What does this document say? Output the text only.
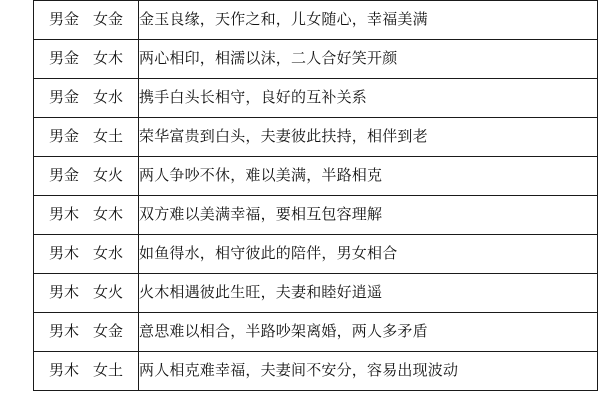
男金 女金	金玉良缘，天作之和，儿女随心，幸福美满
男金 女木	两心相印，相濡以沫，二人合好笑开颜
男金 女水	携手白头长相守，良好的互补关系
男金 女土	荣华富贵到白头，夫妻彼此扶持，相伴到老
男金 女火	两人争吵不休，难以美满，半路相克
男木 女木	双方难以美满幸福，要相互包容理解
男木 女水	如鱼得水，相守彼此的陪伴，男女相合
男木 女火	火木相遇彼此生旺，夫妻和睦好逍遥
男木 女金	意思难以相合，半路吵架离婚，两人多矛盾
男木 女土	两人相克难幸福，夫妻间不安分，容易出现波动
